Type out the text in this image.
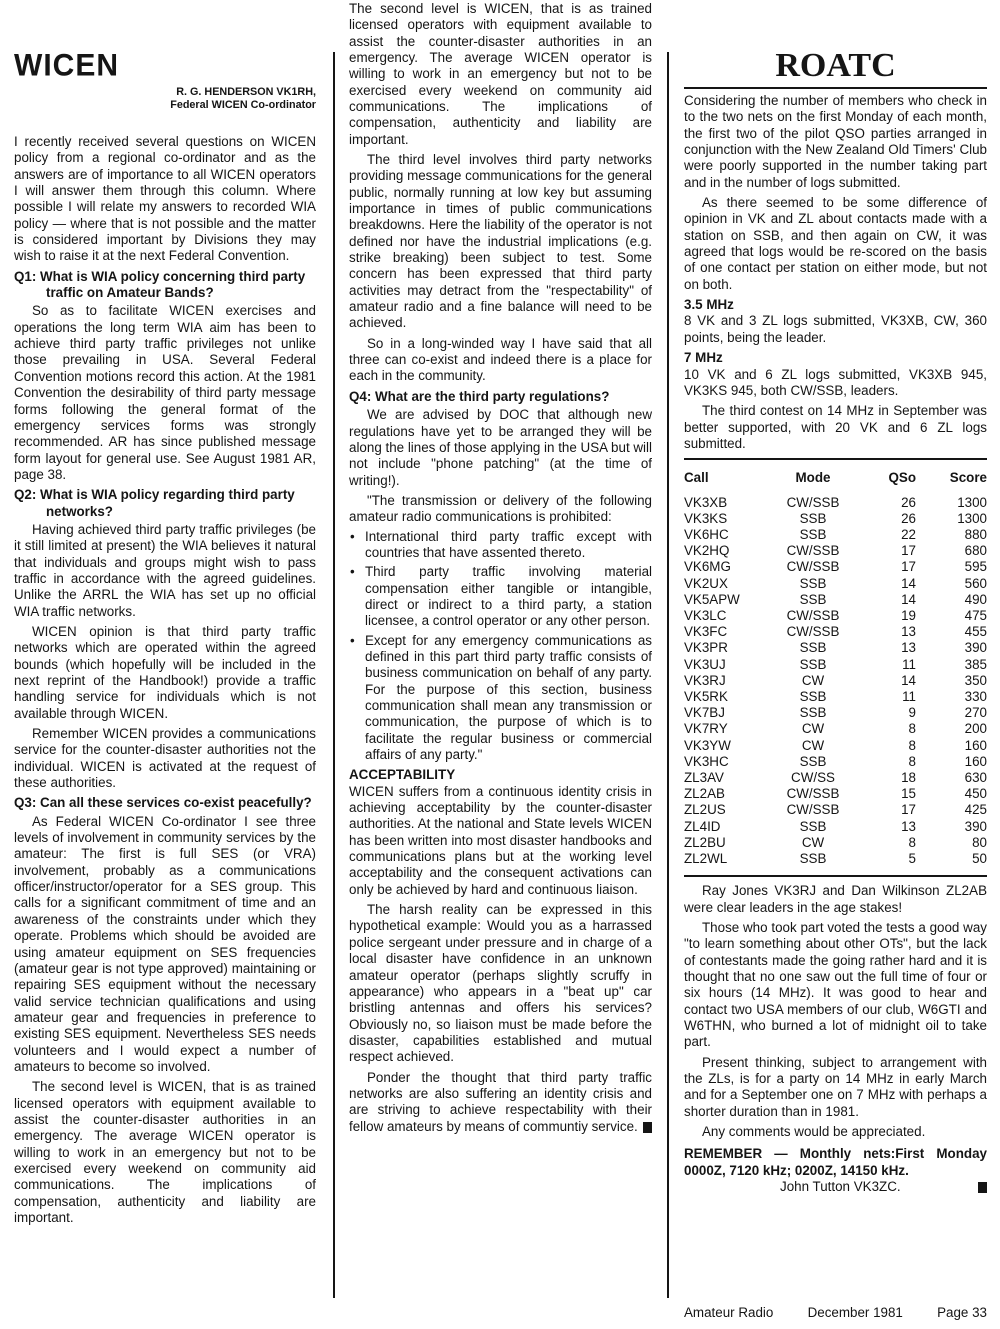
WICEN
R. G. HENDERSON VK1RH,
Federal WICEN Co-ordinator

I recently received several questions on WICEN policy from a regional co-ordinator and as the answers are of importance to all WICEN operators I will answer them through this column. Where possible I will relate my answers to recorded WIA policy — where that is not possible and the matter is considered important by Divisions they may wish to raise it at the next Federal Convention.

Q1: What is WIA policy concerning third party traffic on Amateur Bands?

So as to facilitate WICEN exercises and operations the long term WIA aim has been to achieve third party traffic privileges not unlike those prevailing in USA. Several Federal Convention motions record this action. At the 1981 Convention the desirability of third party message forms following the general format of the emergency services forms was strongly recommended. AR has since published message form layout for general use. See August 1981 AR, page 38.

Q2: What is WIA policy regarding third party networks?

Having achieved third party traffic privileges (be it still limited at present) the WIA believes it natural that individuals and groups might wish to pass traffic in accordance with the agreed guidelines. Unlike the ARRL the WIA has set up no official WIA traffic networks.

WICEN opinion is that third party traffic networks which are operated within the agreed bounds (which hopefully will be included in the next reprint of the Handbook!) provide a traffic handling service for individuals which is not available through WICEN.

Remember WICEN provides a communications service for the counter-disaster authorities not the individual. WICEN is activated at the request of these authorities.

Q3: Can all these services co-exist peacefully?

As Federal WICEN Co-ordinator I see three levels of involvement in community services by the amateur: The first is full SES (or VRA) involvement, probably as a communications officer/instructor/operator for a SES group. This calls for a significant commitment of time and an awareness of the constraints under which they operate. Problems which should be avoided are using amateur equipment on SES frequencies (amateur gear is not type approved) maintaining or repairing SES equipment without the necessary valid service technician qualifications and using amateur gear and frequencies in preference to existing SES equipment. Nevertheless SES needs volunteers and I would expect a number of amateurs to become so involved.

The second level is WICEN, that is as trained licensed operators with equipment available to assist the counter-disaster authorities in an emergency. The average WICEN operator is willing to work in an emergency but not to be exercised every weekend on community aid communications. The implications of compensation, authenticity and liability are important.

The second level is WICEN, that is as trained licensed operators with equipment available to assist the counter-disaster authorities in an emergency. The average WICEN operator is willing to work in an emergency but not to be exercised every weekend on community aid communications. The implications of compensation, authenticity and liability are important.

The third level involves third party networks providing message communications for the general public, normally running at low key but assuming importance in times of public communications breakdowns. Here the liability of the operator is not defined nor have the industrial implications (e.g. strike breaking) been subject to test. Some concern has been expressed that third party activities may detract from the "respectability" of amateur radio and a fine balance will need to be achieved.

So in a long-winded way I have said that all three can co-exist and indeed there is a place for each in the community.

Q4: What are the third party regulations?

We are advised by DOC that although new regulations have yet to be arranged they will be along the lines of those applying in the USA but will not include "phone patching" (at the time of writing!).

"The transmission or delivery of the following amateur radio communications is prohibited:

• International third party traffic except with countries that have assented thereto.
• Third party traffic involving material compensation either tangible or intangible, direct or indirect to a third party, a station licensee, a control operator or any other person.
• Except for any emergency communications as defined in this part third party traffic consists of business communication on behalf of any party. For the purpose of this section, business communication shall mean any transmission or communication, the purpose of which is to facilitate the regular business or commercial affairs of any party."
ACCEPTABILITY

WICEN suffers from a continuous identity crisis in achieving acceptability by the counter-disaster authorities. At the national and State levels WICEN has been written into most disaster handbooks and communications plans but at the working level acceptability and the consequent activations can only be achieved by hard and continuous liaison.

The harsh reality can be expressed in this hypothetical example: Would you as a harrassed police sergeant under pressure and in charge of a local disaster have confidence in an unknown amateur operator (perhaps slightly scruffy in appearance) who appears in a "beat up" car bristling antennas and offers his services? Obviously no, so liaison must be made before the disaster, capabilities established and mutual respect achieved.

Ponder the thought that third party traffic networks are also suffering an identity crisis and are striving to achieve respectability with their fellow amateurs by means of communtiy service.

ROATC

Considering the number of members who check in to the two nets on the first Monday of each month, the first two of the pilot QSO parties arranged in conjunction with the New Zealand Old Timers' Club were poorly supported in the number taking part and in the number of logs submitted.

As there seemed to be some difference of opinion in VK and ZL about contacts made with a station on SSB, and then again on CW, it was agreed that logs would be re-scored on the basis of one contact per station on either mode, but not on both.

3.5 MHz

8 VK and 3 ZL logs submitted, VK3XB, CW, 360 points, being the leader.

7 MHz

10 VK and 6 ZL logs submitted, VK3XB 945, VK3KS 945, both CW/SSB, leaders.

The third contest on 14 MHz in September was better supported, with 20 VK and 6 ZL logs submitted.

Call	Mode	QSo	Score
VK3XB	CW/SSB	26	1300
VK3KS	SSB	26	1300
VK6HC	SSB	22	880
VK2HQ	CW/SSB	17	680
VK6MG	CW/SSB	17	595
VK2UX	SSB	14	560
VK5APW	SSB	14	490
VK3LC	CW/SSB	19	475
VK3FC	CW/SSB	13	455
VK3PR	SSB	13	390
VK3UJ	SSB	11	385
VK3RJ	CW	14	350
VK5RK	SSB	11	330
VK7BJ	SSB	9	270
VK7RY	CW	8	200
VK3YW	CW	8	160
VK3HC	SSB	8	160
ZL3AV	CW/SS	18	630
ZL2AB	CW/SSB	15	450
ZL2US	CW/SSB	17	425
ZL4ID	SSB	13	390
ZL2BU	CW	8	80
ZL2WL	SSB	5	50

Ray Jones VK3RJ and Dan Wilkinson ZL2AB were clear leaders in the age stakes!

Those who took part voted the tests a good way "to learn something about other OTs", but the lack of contestants made the going rather hard and it is thought that no one saw out the full time of four or six hours (14 MHz). It was good to hear and contact two USA members of our club, W6GTI and W6THN, who burned a lot of midnight oil to take part.

Present thinking, subject to arrangement with the ZLs, is for a party on 14 MHz in early March and for a September one on 7 MHz with perhaps a shorter duration than in 1981.

Any comments would be appreciated.

REMEMBER — Monthly nets:First Monday 0000Z, 7120 kHz; 0200Z, 14150 kHz.

John Tutton VK3ZC.

Amateur Radio	December 1981	Page 33
